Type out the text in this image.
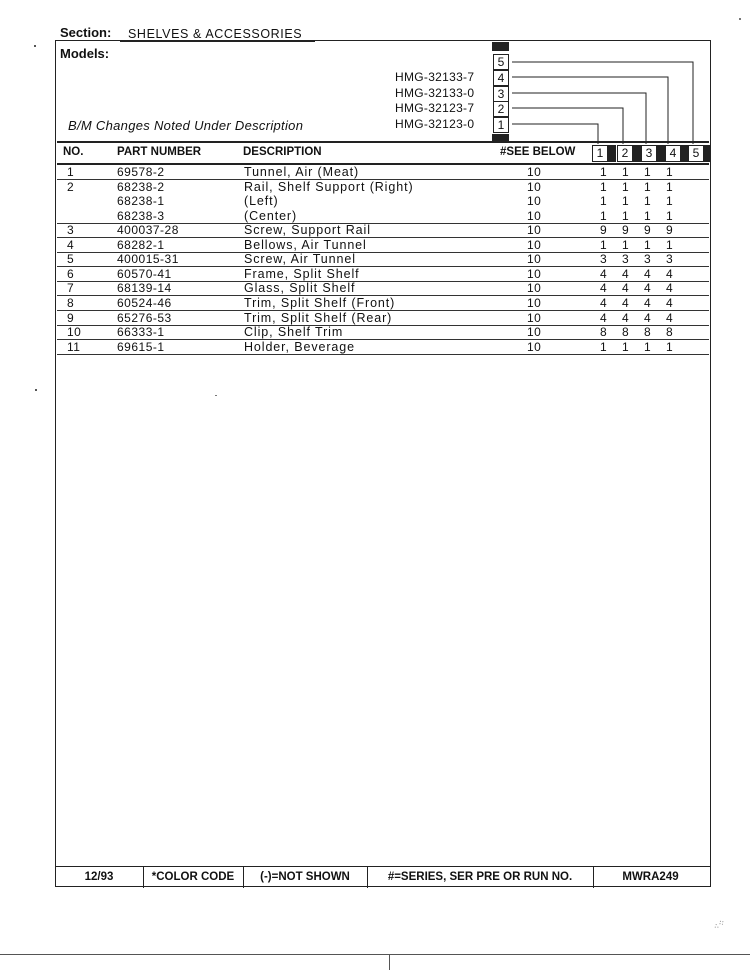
Section: SHELVES & ACCESSORIES
Models:
B/M Changes Noted Under Description
HMG-32133-7	4
HMG-32133-0	3
HMG-32123-7	2
HMG-32123-0	1
5
NO.	PART NUMBER	DESCRIPTION	#SEE BELOW	1	2	3	4	5
1	69578-2	Tunnel, Air (Meat)	10	1 1 1 1
2	68238-2	Rail, Shelf Support (Right)	10	1 1 1 1
68238-1	(Left)	10	1 1 1 1
68238-3	(Center)	10	1 1 1 1
3	400037-28	Screw, Support Rail	10	9 9 9 9
4	68282-1	Bellows, Air Tunnel	10	1 1 1 1
5	400015-31	Screw, Air Tunnel	10	3 3 3 3
6	60570-41	Frame, Split Shelf	10	4 4 4 4
7	68139-14	Glass, Split Shelf	10	4 4 4 4
8	60524-46	Trim, Split Shelf (Front)	10	4 4 4 4
9	65276-53	Trim, Split Shelf (Rear)	10	4 4 4 4
10	66333-1	Clip, Shelf Trim	10	8 8 8 8
11	69615-1	Holder, Beverage	10	1 1 1 1
12/93	*COLOR CODE	(-)=NOT SHOWN	#=SERIES, SER PRE OR RUN NO.	MWRA249
⁖⁘
